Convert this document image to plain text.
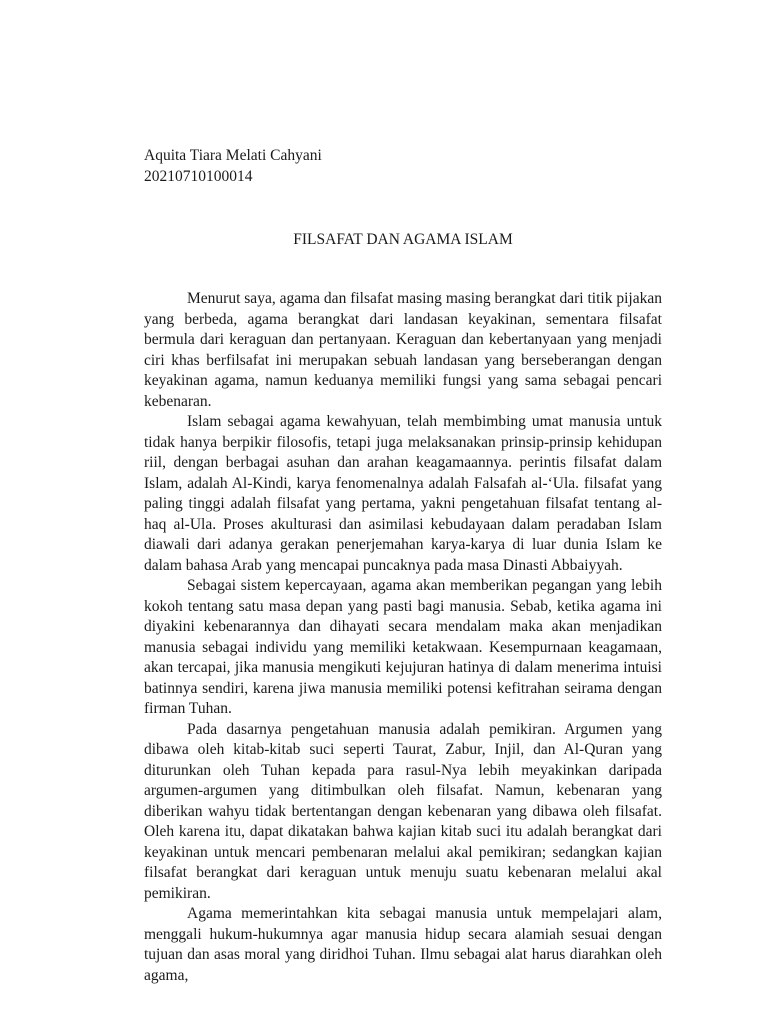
Aquita Tiara Melati Cahyani
20210710100014
FILSAFAT DAN AGAMA ISLAM

Menurut saya, agama dan filsafat masing masing berangkat dari titik pijakan yang berbeda, agama berangkat dari landasan keyakinan, sementara filsafat bermula dari keraguan dan pertanyaan. Keraguan dan kebertanyaan yang menjadi ciri khas berfilsafat ini merupakan sebuah landasan yang berseberangan dengan keyakinan agama, namun keduanya memiliki fungsi yang sama sebagai pencari kebenaran.

Islam sebagai agama kewahyuan, telah membimbing umat manusia untuk tidak hanya berpikir filosofis, tetapi juga melaksanakan prinsip-prinsip kehidupan riil, dengan berbagai asuhan dan arahan keagamaannya. perintis filsafat dalam Islam, adalah Al-Kindi, karya fenomenalnya adalah Falsafah al-‘Ula. filsafat yang paling tinggi adalah filsafat yang pertama, yakni pengetahuan filsafat tentang al-haq al-Ula. Proses akulturasi dan asimilasi kebudayaan dalam peradaban Islam diawali dari adanya gerakan penerjemahan karya-karya di luar dunia Islam ke dalam bahasa Arab yang mencapai puncaknya pada masa Dinasti Abbaiyyah.

Sebagai sistem kepercayaan, agama akan memberikan pegangan yang lebih kokoh tentang satu masa depan yang pasti bagi manusia. Sebab, ketika agama ini diyakini kebenarannya dan dihayati secara mendalam maka akan menjadikan manusia sebagai individu yang memiliki ketakwaan. Kesempurnaan keagamaan, akan tercapai, jika manusia mengikuti kejujuran hatinya di dalam menerima intuisi batinnya sendiri, karena jiwa manusia memiliki potensi kefitrahan seirama dengan firman Tuhan.

Pada dasarnya pengetahuan manusia adalah pemikiran. Argumen yang dibawa oleh kitab-kitab suci seperti Taurat, Zabur, Injil, dan Al-Quran yang diturunkan oleh Tuhan kepada para rasul-Nya lebih meyakinkan daripada argumen-argumen yang ditimbulkan oleh filsafat. Namun, kebenaran yang diberikan wahyu tidak bertentangan dengan kebenaran yang dibawa oleh filsafat. Oleh karena itu, dapat dikatakan bahwa kajian kitab suci itu adalah berangkat dari keyakinan untuk mencari pembenaran melalui akal pemikiran; sedangkan kajian filsafat berangkat dari keraguan untuk menuju suatu kebenaran melalui akal pemikiran.

Agama memerintahkan kita sebagai manusia untuk mempelajari alam, menggali hukum-hukumnya agar manusia hidup secara alamiah sesuai dengan tujuan dan asas moral yang diridhoi Tuhan. Ilmu sebagai alat harus diarahkan oleh agama,
